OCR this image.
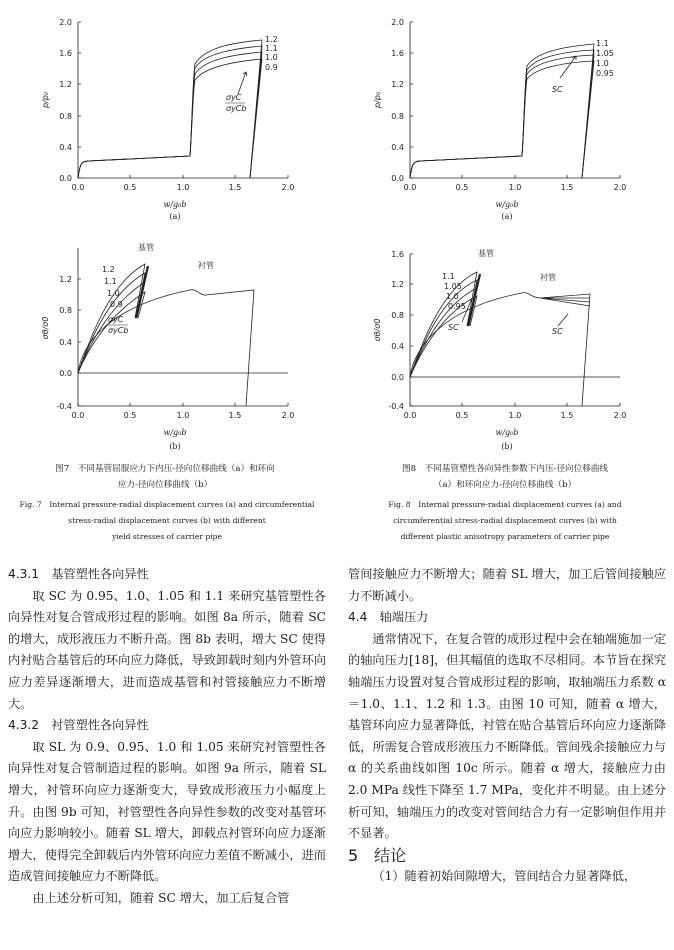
0.0
0.4
0.8
1.2
1.6
2.0
0.0	0.5	1.0	1.5	2.0
1.2
1.1
1.0
0.9
σyC
σyCb
p/p₀
w/g₀b
(a)
-0.4
0.0
0.4
0.8
1.2
0.0	0.5	1.0	1.5	2.0
1.2
1.1
1.0
0.9
基管
衬管
σyC
σyCb
σθ/σ0
w/g₀b
(b)
图7　不同基管屈服应力下内压-径向位移曲线（a）和环向
应力-径向位移曲线（b）
Fig. 7　Internal pressure-radial displacement curves (a) and circumferential
stress-radial displacement curves (b) with different
yield stresses of carrier pipe
0.0
0.4
0.8
1.2
1.6
2.0
0.0	0.5	1.0	1.5	2.0
1.1
1.05
1.0
0.95
SC
p/p₀
w/g₀b
(a)
-0.4
0.0
0.4
0.8
1.2
1.6
0.0	0.5	1.0	1.5	2.0
1.1
1.05
1.0
0.95
基管
衬管
SC	SC
σθ/σ0
w/g₀b
(b)
图8　不同基管塑性各向异性参数下内压-径向位移曲线
（a）和环向应力-径向位移曲线（b）
Fig. 8　Internal pressure-radial displacement curves (a) and
circumferential stress-radial displacement curves (b) with
different plastic anisotropy parameters of carrier pipe

4.3.1　基管塑性各向异性

取 SC 为 0.95、1.0、1.05 和 1.1 来研究基管塑性各向异性对复合管成形过程的影响。如图 8a 所示，随着 SC 的增大，成形液压力不断升高。图 8b 表明，增大 SC 使得内衬贴合基管后的环向应力降低，导致卸载时刻内外管环向应力差异逐渐增大，进而造成基管和衬管接触应力不断增大。

4.3.2　衬管塑性各向异性

取 SL 为 0.9、0.95、1.0 和 1.05 来研究衬管塑性各向异性对复合管制造过程的影响。如图 9a 所示，随着 SL 增大，衬管环向应力逐渐变大，导致成形液压力小幅度上升。由图 9b 可知，衬管塑性各向异性参数的改变对基管环向应力影响较小。随着 SL 增大，卸载点衬管环向应力逐渐增大，使得完全卸载后内外管环向应力差值不断减小，进而造成管间接触应力不断降低。

由上述分析可知，随着 SC 增大，加工后复合管

管间接触应力不断增大；随着 SL 增大，加工后管间接触应力不断减小。

4.4　轴端压力

通常情况下，在复合管的成形过程中会在轴端施加一定的轴向压力[18]，但其幅值的选取不尽相同。本节旨在探究轴端压力设置对复合管成形过程的影响，取轴端压力系数 α＝1.0、1.1、1.2 和 1.3。由图 10 可知，随着 α 增大，基管环向应力显著降低，衬管在贴合基管后环向应力逐渐降低，所需复合管成形液压力不断降低。管间残余接触应力与 α 的关系曲线如图 10c 所示。随着 α 增大，接触应力由 2.0 MPa 线性下降至 1.7 MPa，变化并不明显。由上述分析可知，轴端压力的改变对管间结合力有一定影响但作用并不显著。

5　结论

（1）随着初始间隙增大，管间结合力显著降低，
